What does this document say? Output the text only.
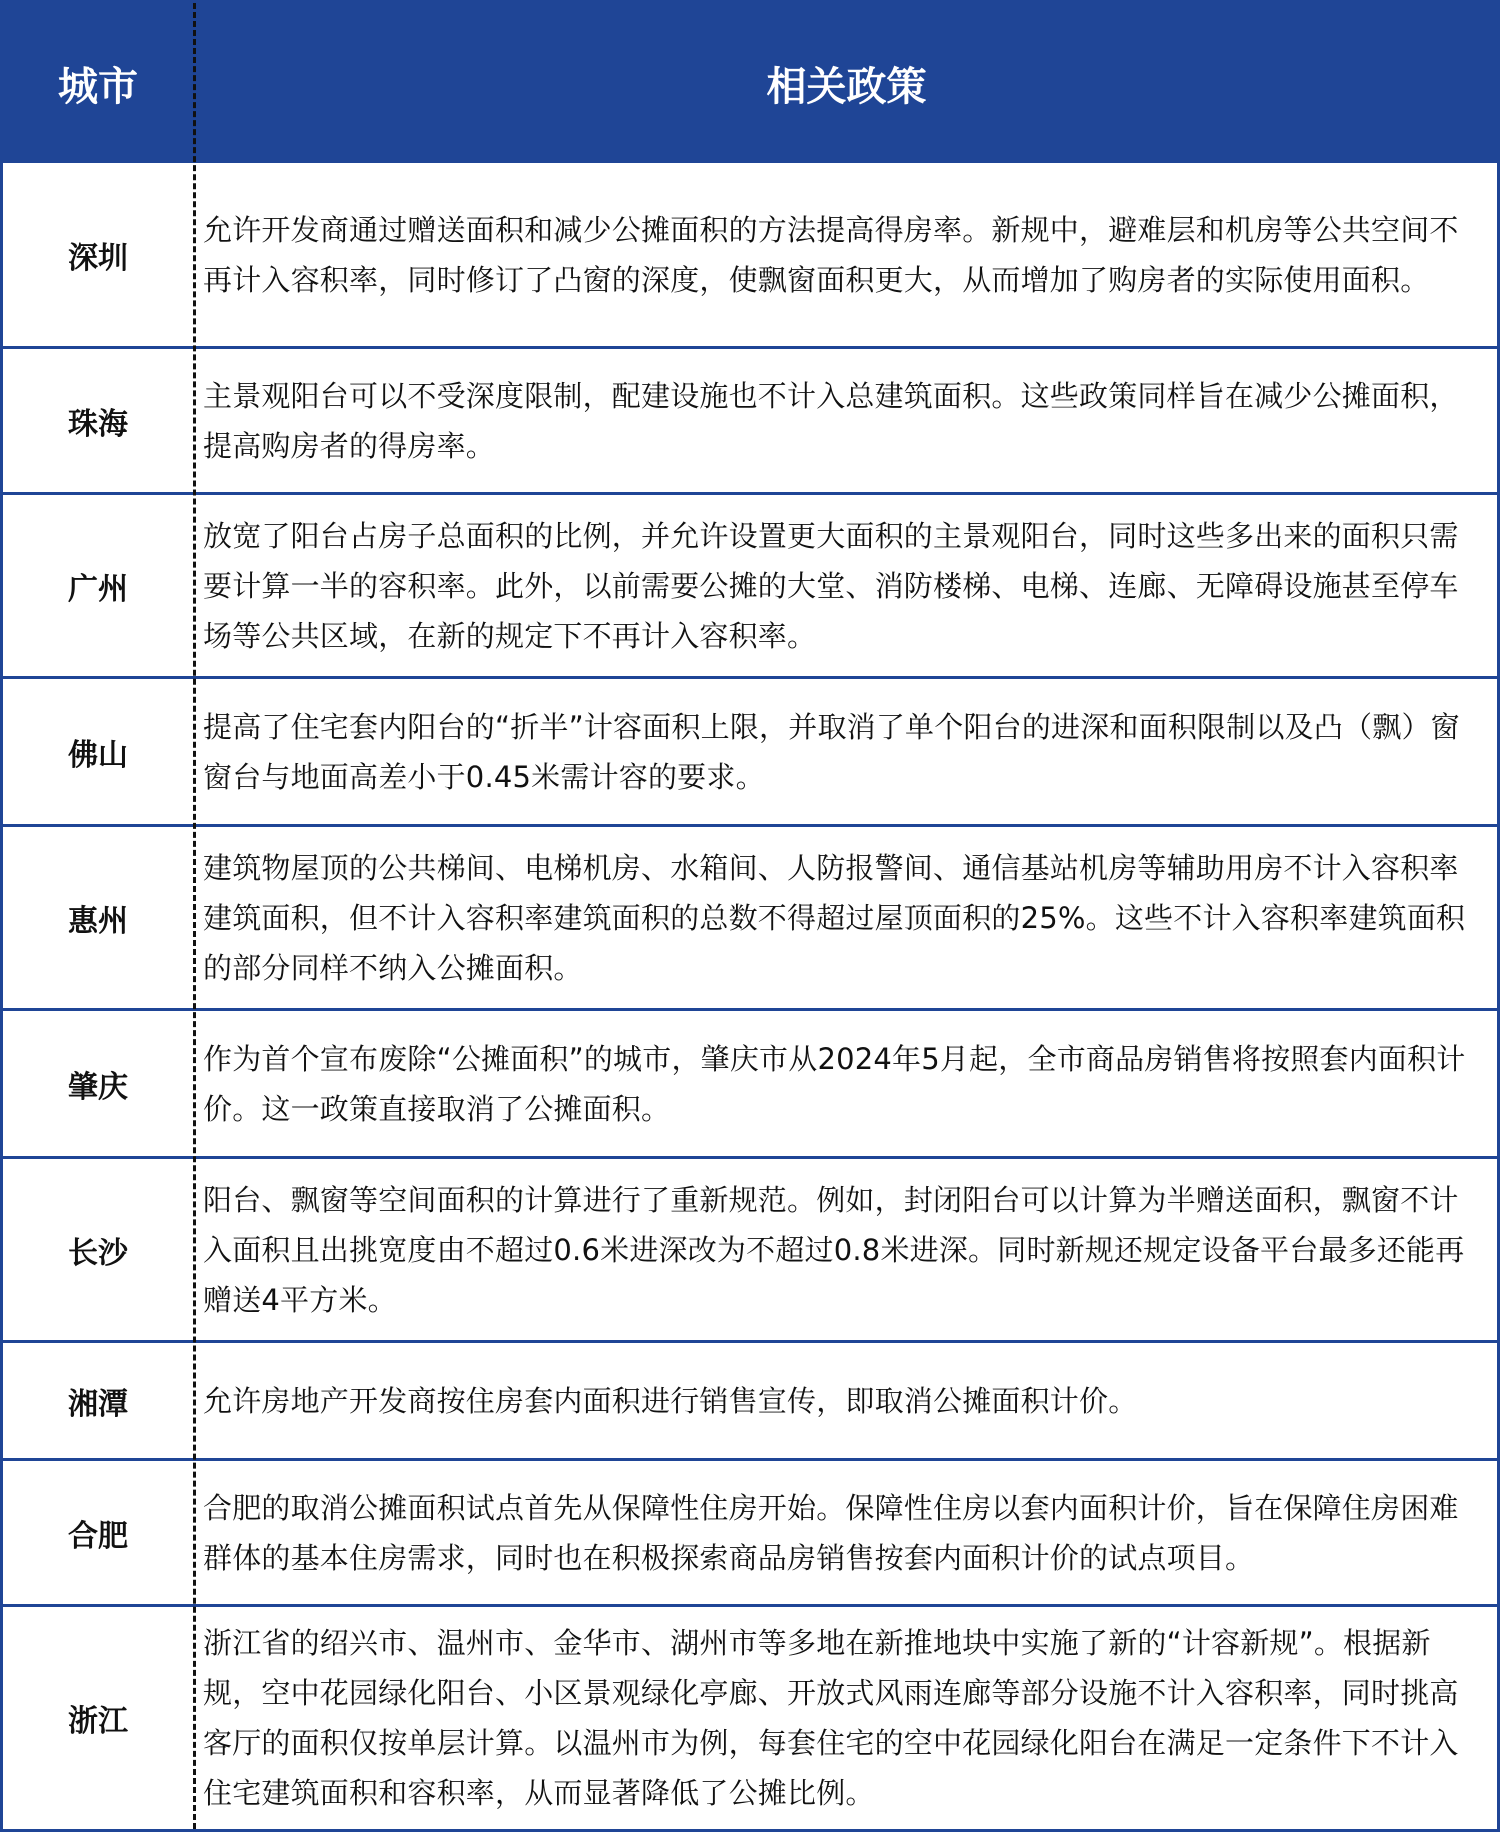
城市	相关政策
深圳
允许开发商通过赠送面积和减少公摊面积的方法提高得房率。新规中，避难层和机房等公共空间不再计入容积率，同时修订了凸窗的深度，使飘窗面积更大，从而增加了购房者的实际使用面积。
珠海
主景观阳台可以不受深度限制，配建设施也不计入总建筑面积。这些政策同样旨在减少公摊面积，提高购房者的得房率。
广州
放宽了阳台占房子总面积的比例，并允许设置更大面积的主景观阳台，同时这些多出来的面积只需要计算一半的容积率。此外，以前需要公摊的大堂、消防楼梯、电梯、连廊、无障碍设施甚至停车场等公共区域，在新的规定下不再计入容积率。
佛山
提高了住宅套内阳台的“折半”计容面积上限，并取消了单个阳台的进深和面积限制以及凸（飘）窗窗台与地面高差小于0.45米需计容的要求。
惠州
建筑物屋顶的公共梯间、电梯机房、水箱间、人防报警间、通信基站机房等辅助用房不计入容积率建筑面积，但不计入容积率建筑面积的总数不得超过屋顶面积的25%。这些不计入容积率建筑面积的部分同样不纳入公摊面积。
肇庆
作为首个宣布废除“公摊面积”的城市，肇庆市从2024年5月起，全市商品房销售将按照套内面积计价。这一政策直接取消了公摊面积。
长沙
阳台、飘窗等空间面积的计算进行了重新规范。例如，封闭阳台可以计算为半赠送面积，飘窗不计入面积且出挑宽度由不超过0.6米进深改为不超过0.8米进深。同时新规还规定设备平台最多还能再赠送4平方米。
湘潭	允许房地产开发商按住房套内面积进行销售宣传，即取消公摊面积计价。
合肥
合肥的取消公摊面积试点首先从保障性住房开始。保障性住房以套内面积计价，旨在保障住房困难群体的基本住房需求，同时也在积极探索商品房销售按套内面积计价的试点项目。
浙江
浙江省的绍兴市、温州市、金华市、湖州市等多地在新推地块中实施了新的“计容新规”。根据新规，空中花园绿化阳台、小区景观绿化亭廊、开放式风雨连廊等部分设施不计入容积率，同时挑高客厅的面积仅按单层计算。以温州市为例，每套住宅的空中花园绿化阳台在满足一定条件下不计入住宅建筑面积和容积率，从而显著降低了公摊比例。
